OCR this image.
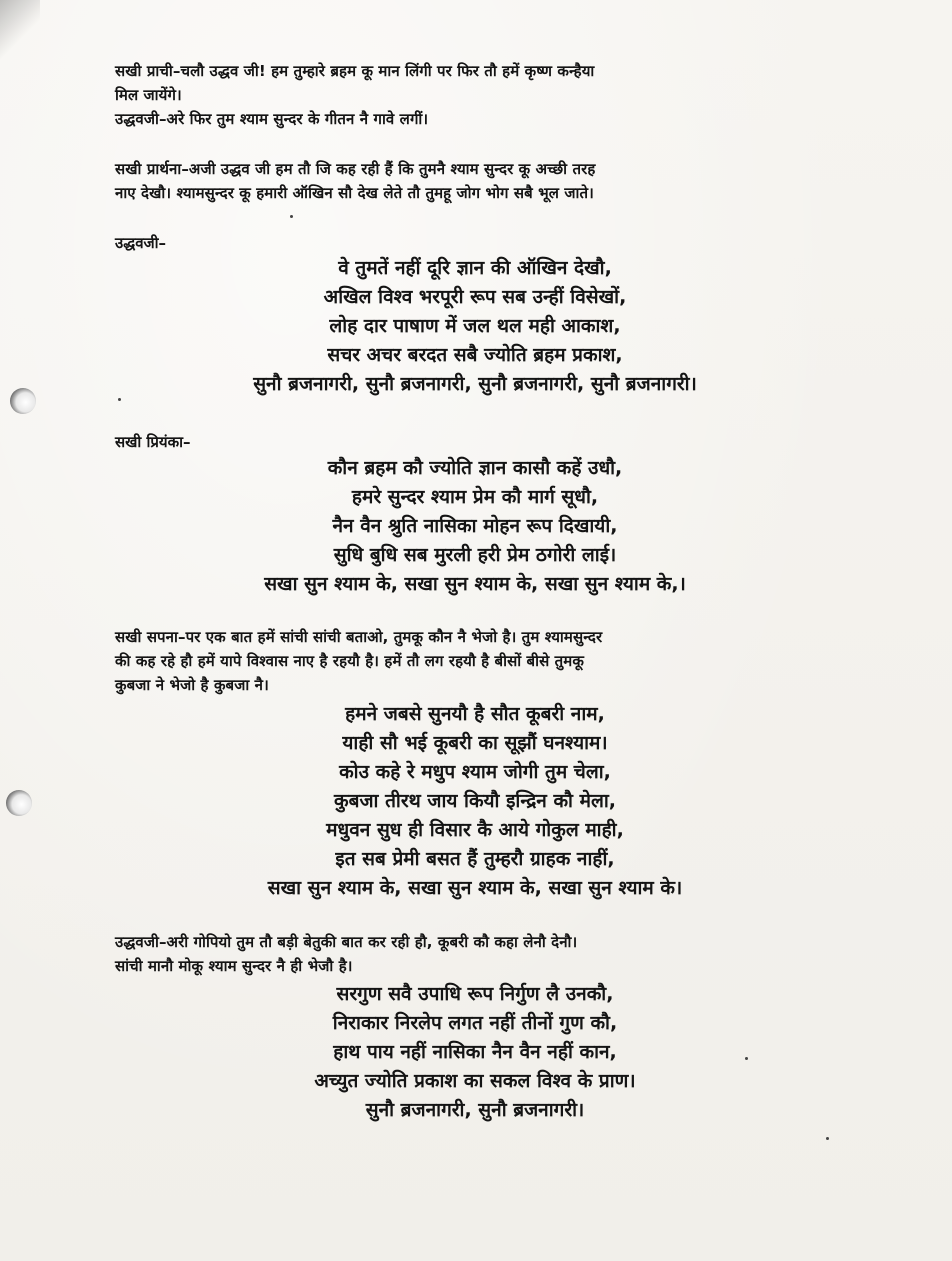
सखी प्राची–चलौ उद्धव जी! हम तुम्हारे ब्रहम कू मान लिंगी पर फिर तौ हमें कृष्ण कन्हैया
मिल जायेंगे।
उद्धवजी–अरे फिर तुम श्याम सुन्दर के गीतन नै गावे लगीं।
सखी प्रार्थना–अजी उद्धव जी हम तौ जि कह रही हैं कि तुमनै श्याम सुन्दर कू अच्छी तरह
नाए देखौ। श्यामसुन्दर कू हमारी ऑखिन सौ देख लेते तौ तुमहू जोग भोग सबै भूल जाते।
उद्धवजी–
वे तुमतें नहीं दूरि ज्ञान की ऑखिन देखौ,
अखिल विश्व भरपूरी रूप सब उन्हीं विसेखों,
लोह दार पाषाण में जल थल मही आकाश,
सचर अचर बरदत सबै ज्योति ब्रहम प्रकाश,
सुनौ ब्रजनागरी, सुनौ ब्रजनागरी, सुनौ ब्रजनागरी, सुनौ ब्रजनागरी।
सखी प्रियंका–
कौन ब्रहम कौ ज्योति ज्ञान कासौ कहें उधौ,
हमरे सुन्दर श्याम प्रेम कौ मार्ग सूधौ,
नैन वैन श्रुति नासिका मोहन रूप दिखायी,
सुधि बुधि सब मुरली हरी प्रेम ठगोरी लाई।
सखा सुन श्याम के, सखा सुन श्याम के, सखा सुन श्याम के,।
सखी सपना–पर एक बात हमें सांची सांची बताओ, तुमकू कौन नै भेजो है। तुम श्यामसुन्दर
की कह रहे हौ हमें यापे विश्वास नाए है रहयौ है। हमें तौ लग रहयौ है बीसों बीसे तुमकू
कुबजा ने भेजो है कुबजा नै।
हमने जबसे सुनयौ है सौत कूबरी नाम,
याही सौ भई कूबरी का सूझौं घनश्याम।
कोउ कहे रे मधुप श्याम जोगी तुम चेला,
कुबजा तीरथ जाय कियौ इन्द्रिन कौ मेला,
मधुवन सुध ही विसार कै आये गोकुल माही,
इत सब प्रेमी बसत हैं तुम्हरौ ग्राहक नाहीं,
सखा सुन श्याम के, सखा सुन श्याम के, सखा सुन श्याम के।
उद्धवजी–अरी गोपियो तुम तौ बड़ी बेतुकी बात कर रही हौ, कूबरी कौ कहा लेनौ देनौ।
सांची मानौ मोकू श्याम सुन्दर नै ही भेजौ है।
सरगुण सवै उपाधि रूप निर्गुण लै उनकौ,
निराकार निरलेप लगत नहीं तीनों गुण कौ,
हाथ पाय नहीं नासिका नैन वैन नहीं कान,
अच्युत ज्योति प्रकाश का सकल विश्व के प्राण।
सुनौ ब्रजनागरी, सुनौ ब्रजनागरी।
